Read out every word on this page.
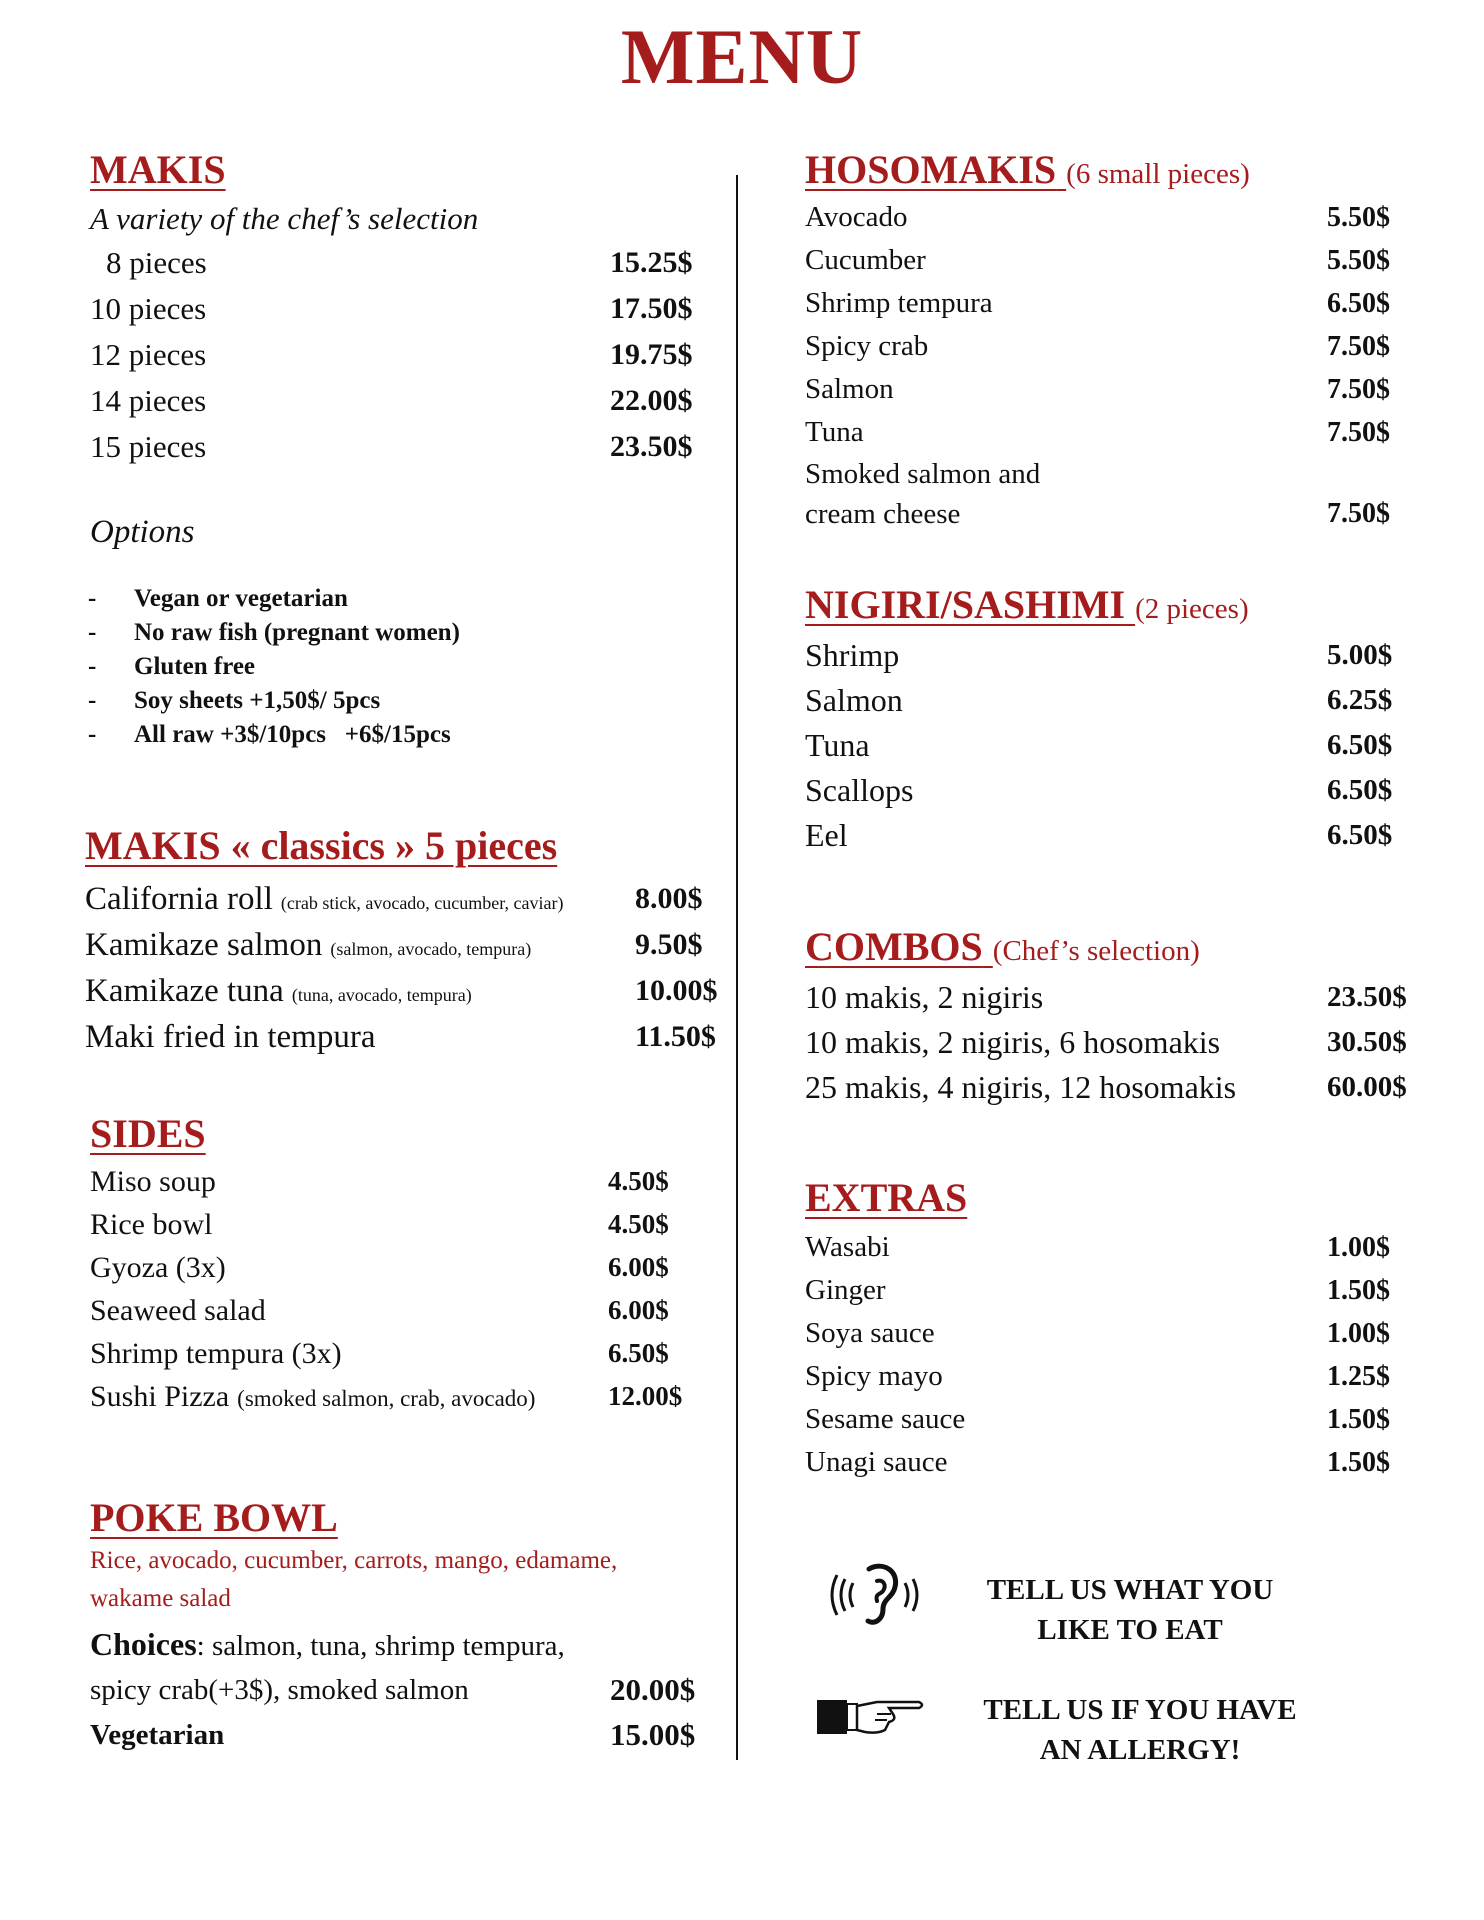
MENU
MAKIS
A variety of the chef’s selection
8 pieces	15.25$
10 pieces	17.50$
12 pieces	19.75$
14 pieces	22.00$
15 pieces	23.50$
Options
- Vegan or vegetarian
- No raw fish (pregnant women)
- Gluten free
- Soy sheets +1,50$/ 5pcs
- All raw +3$/10pcs   +6$/15pcs
MAKIS « classics » 5 pieces
California roll (crab stick, avocado, cucumber, caviar) 8.00$
Kamikaze salmon (salmon, avocado, tempura)	9.50$
Kamikaze tuna (tuna, avocado, tempura)	10.00$
Maki fried in tempura	11.50$
SIDES
Miso soup	4.50$
Rice bowl	4.50$
Gyoza (3x)	6.00$
Seaweed salad	6.00$
Shrimp tempura (3x)	6.50$
Sushi Pizza (smoked salmon, crab, avocado)	12.00$
POKE BOWL
Rice, avocado, cucumber, carrots, mango, edamame,
wakame salad
Choices: salmon, tuna, shrimp tempura,
spicy crab(+3$), smoked salmon	20.00$
Vegetarian	15.00$
HOSOMAKIS (6 small pieces)
Avocado	5.50$
Cucumber	5.50$
Shrimp tempura	6.50$
Spicy crab	7.50$
Salmon	7.50$
Tuna	7.50$
Smoked salmon and
cream cheese	7.50$
NIGIRI/SASHIMI (2 pieces)
Shrimp	5.00$
Salmon	6.25$
Tuna	6.50$
Scallops	6.50$
Eel	6.50$
COMBOS (Chef’s selection)
10 makis, 2 nigiris	23.50$
10 makis, 2 nigiris, 6 hosomakis	30.50$
25 makis, 4 nigiris, 12 hosomakis	60.00$
EXTRAS
Wasabi	1.00$
Ginger	1.50$
Soya sauce	1.00$
Spicy mayo	1.25$
Sesame sauce	1.50$
Unagi sauce	1.50$
TELL US WHAT YOU
LIKE TO EAT
TELL US IF YOU HAVE
AN ALLERGY!
